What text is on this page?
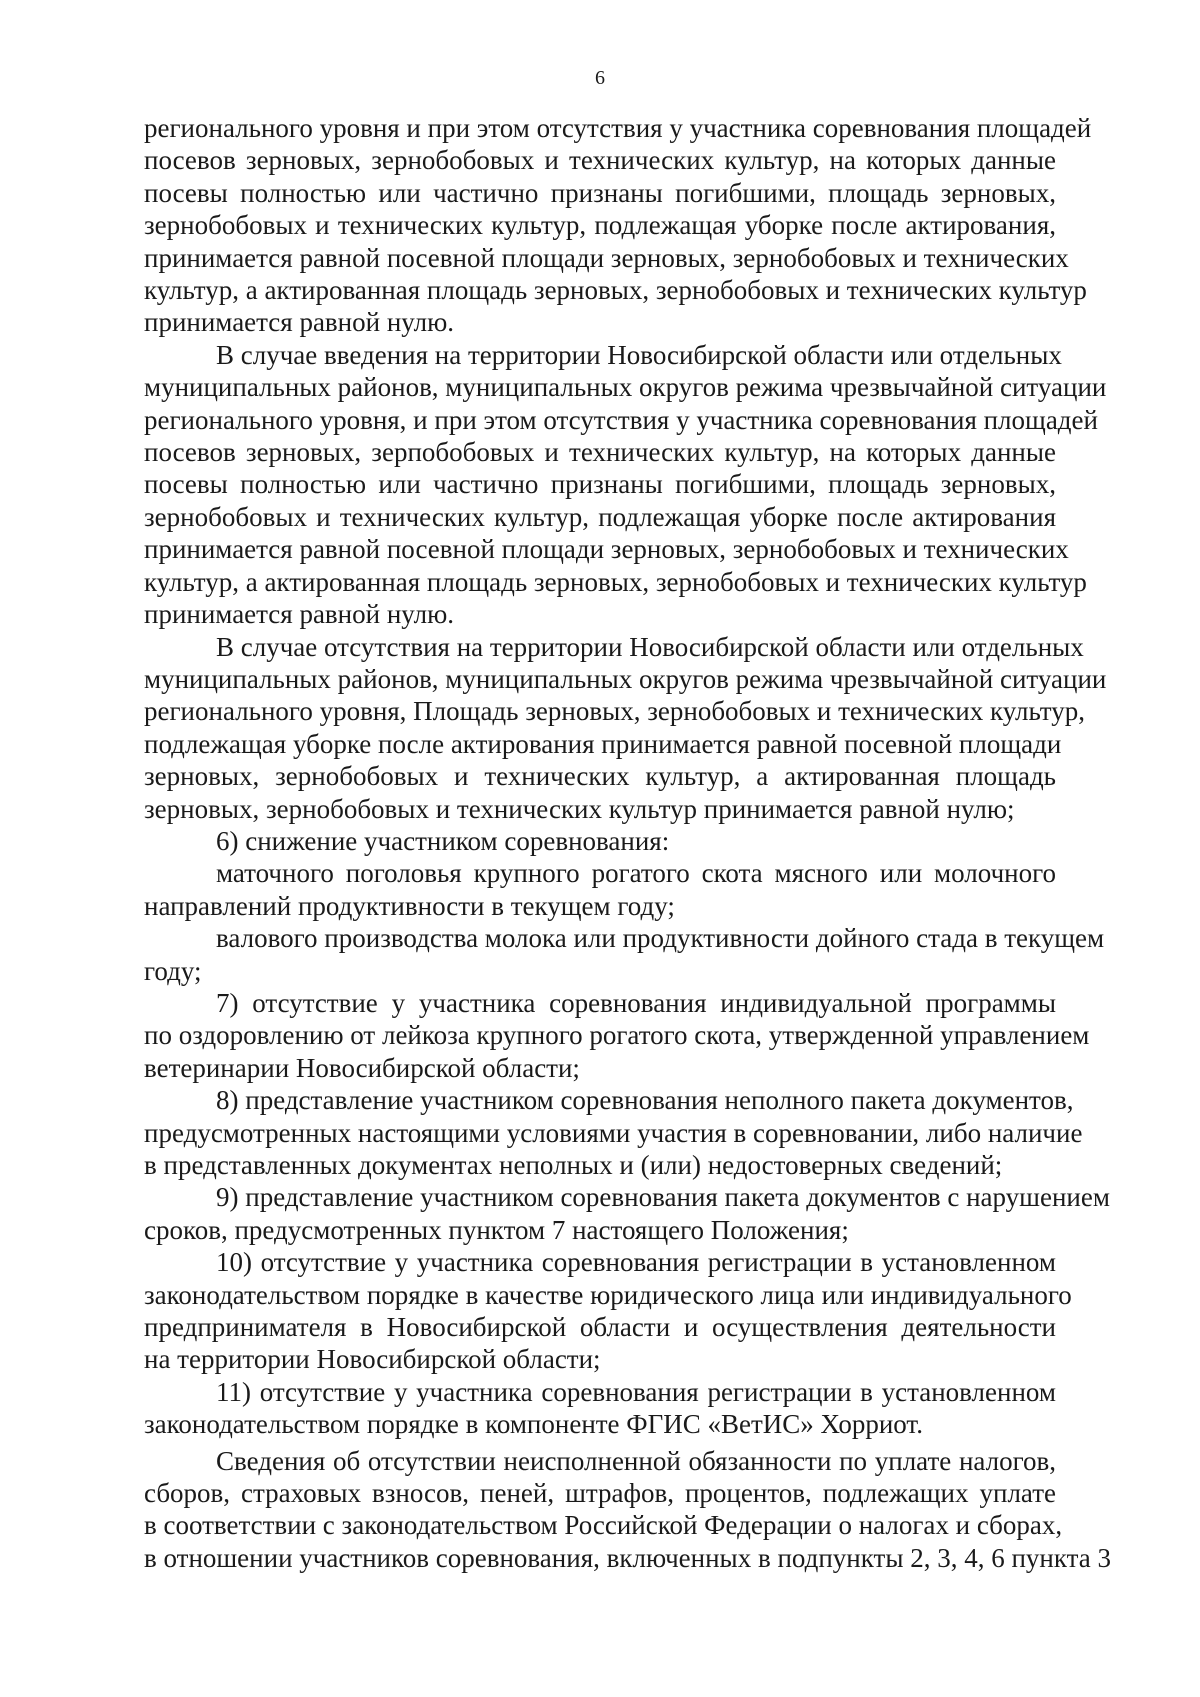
6
регионального уровня и при этом отсутствия у участника соревнования площадей
посевов зерновых, зернобобовых и технических культур, на которых данные
посевы полностью или частично признаны погибшими, площадь зерновых,
зернобобовых и технических культур, подлежащая уборке после актирования,
принимается равной посевной площади зерновых, зернобобовых и технических
культур, а актированная площадь зерновых, зернобобовых и технических культур
принимается равной нулю.
В случае введения на территории Новосибирской области или отдельных
муниципальных районов, муниципальных округов режима чрезвычайной ситуации
регионального уровня, и при этом отсутствия у участника соревнования площадей
посевов зерновых, зерпобобовых и технических культур, на которых данные
посевы полностью или частично признаны погибшими, площадь зерновых,
зернобобовых и технических культур, подлежащая уборке после актирования
принимается равной посевной площади зерновых, зернобобовых и технических
культур, а актированная площадь зерновых, зернобобовых и технических культур
принимается равной нулю.
В случае отсутствия на территории Новосибирской области или отдельных
муниципальных районов, муниципальных округов режима чрезвычайной ситуации
регионального уровня, Площадь зерновых, зернобобовых и технических культур,
подлежащая уборке после актирования принимается равной посевной площади
зерновых, зернобобовых и технических культур, а актированная площадь
зерновых, зернобобовых и технических культур принимается равной нулю;
6) снижение участником соревнования:
маточного поголовья крупного рогатого скота мясного или молочного
направлений продуктивности в текущем году;
валового производства молока или продуктивности дойного стада в текущем
году;
7) отсутствие у участника соревнования индивидуальной программы
по оздоровлению от лейкоза крупного рогатого скота, утвержденной управлением
ветеринарии Новосибирской области;
8) представление участником соревнования неполного пакета документов,
предусмотренных настоящими условиями участия в соревновании, либо наличие
в представленных документах неполных и (или) недостоверных сведений;
9) представление участником соревнования пакета документов с нарушением
сроков, предусмотренных пунктом 7 настоящего Положения;
10) отсутствие у участника соревнования регистрации в установленном
законодательством порядке в качестве юридического лица или индивидуального
предпринимателя в Новосибирской области и осуществления деятельности
на территории Новосибирской области;
11) отсутствие у участника соревнования регистрации в установленном
законодательством порядке в компоненте ФГИС «ВетИС» Хорриот.
Сведения об отсутствии неисполненной обязанности по уплате налогов,
сборов, страховых взносов, пеней, штрафов, процентов, подлежащих уплате
в соответствии с законодательством Российской Федерации о налогах и сборах,
в отношении участников соревнования, включенных в подпункты 2, 3, 4, 6 пункта 3
